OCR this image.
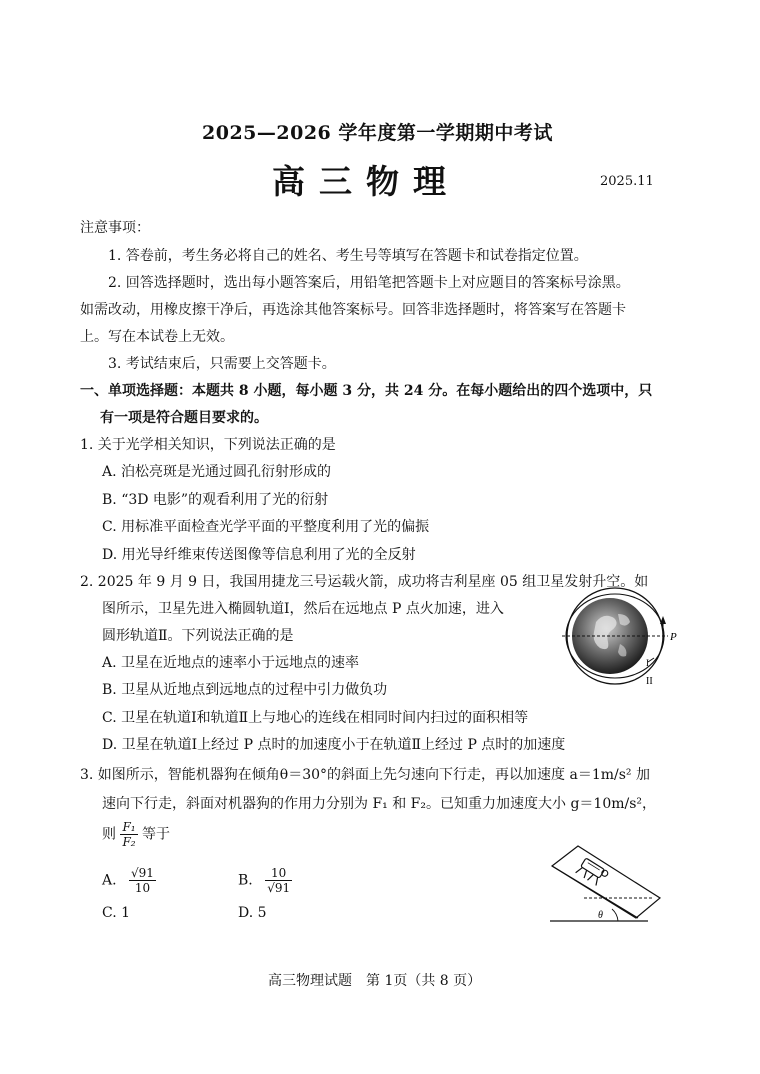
2025—2026 学年度第一学期期中考试
高三物理	2025.11
注意事项：
1. 答卷前，考生务必将自己的姓名、考生号等填写在答题卡和试卷指定位置。
2. 回答选择题时，选出每小题答案后，用铅笔把答题卡上对应题目的答案标号涂黑。
如需改动，用橡皮擦干净后，再选涂其他答案标号。回答非选择题时，将答案写在答题卡
上。写在本试卷上无效。
3. 考试结束后，只需要上交答题卡。
一、单项选择题：本题共 8 小题，每小题 3 分，共 24 分。在每小题给出的四个选项中，只
有一项是符合题目要求的。
1. 关于光学相关知识，下列说法正确的是
A. 泊松亮斑是光通过圆孔衍射形成的
B. “3D 电影”的观看利用了光的衍射
C. 用标准平面检查光学平面的平整度利用了光的偏振
D. 用光导纤维束传送图像等信息利用了光的全反射
2. 2025 年 9 月 9 日，我国用捷龙三号运载火箭，成功将吉利星座 05 组卫星发射升空。如
图所示，卫星先进入椭圆轨道Ⅰ，然后在远地点 P 点火加速，进入
圆形轨道Ⅱ。下列说法正确的是
A. 卫星在近地点的速率小于远地点的速率
B. 卫星从近地点到远地点的过程中引力做负功
C. 卫星在轨道Ⅰ和轨道Ⅱ上与地心的连线在相同时间内扫过的面积相等
D. 卫星在轨道Ⅰ上经过 P 点时的加速度小于在轨道Ⅱ上经过 P 点时的加速度
P
I
II
3. 如图所示，智能机器狗在倾角θ＝30°的斜面上先匀速向下行走，再以加速度 a＝1m/s² 加
速向下行走，斜面对机器狗的作用力分别为 F₁ 和 F₂。已知重力加速度大小 g＝10m/s²，
则 $\frac{\text{F₁}}{\text{F₂}}$ 等于
A. $\frac{√91}{10}$	B. $\frac{10}{√91}$
C. 1	D. 5	θ
高三物理试题　第 1页（共 8 页）
